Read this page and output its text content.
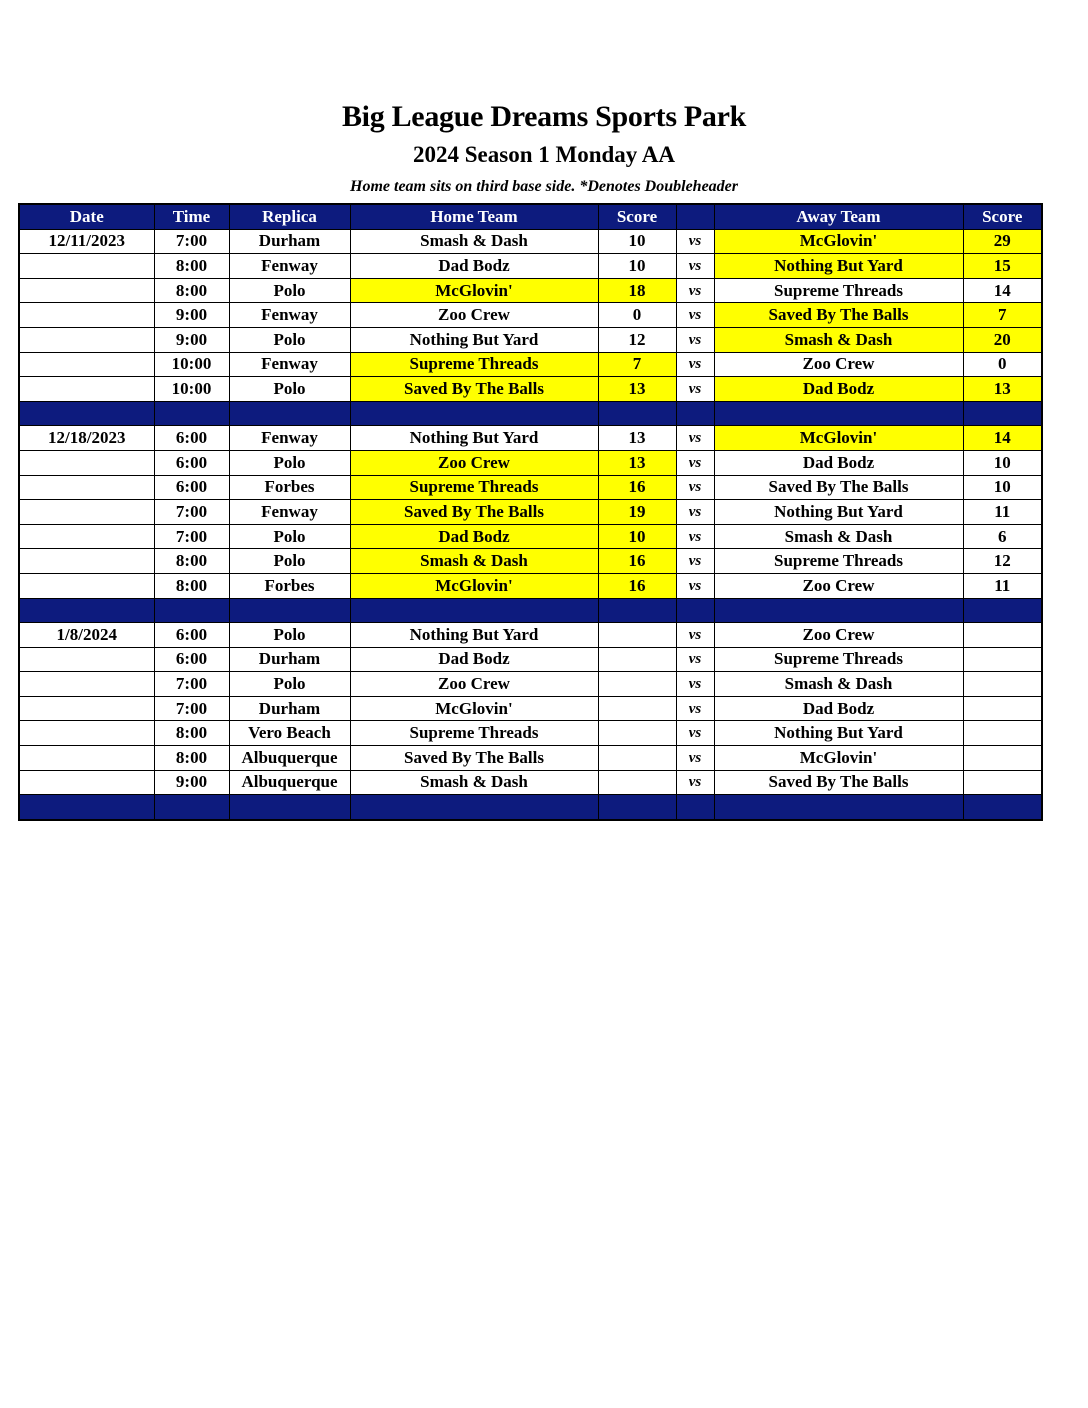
Big League Dreams Sports Park
2024 Season 1 Monday AA
Home team sits on third base side. *Denotes Doubleheader
Date	Time	Replica	Home Team	Score		Away Team	Score
12/11/2023	7:00	Durham	Smash & Dash	10	vs	McGlovin'	29
	8:00	Fenway	Dad Bodz	10	vs	Nothing But Yard	15
	8:00	Polo	McGlovin'	18	vs	Supreme Threads	14
	9:00	Fenway	Zoo Crew	0	vs	Saved By The Balls	7
	9:00	Polo	Nothing But Yard	12	vs	Smash & Dash	20
	10:00	Fenway	Supreme Threads	7	vs	Zoo Crew	0
	10:00	Polo	Saved By The Balls	13	vs	Dad Bodz	13

12/18/2023	6:00	Fenway	Nothing But Yard	13	vs	McGlovin'	14
	6:00	Polo	Zoo Crew	13	vs	Dad Bodz	10
	6:00	Forbes	Supreme Threads	16	vs	Saved By The Balls	10
	7:00	Fenway	Saved By The Balls	19	vs	Nothing But Yard	11
	7:00	Polo	Dad Bodz	10	vs	Smash & Dash	6
	8:00	Polo	Smash & Dash	16	vs	Supreme Threads	12
	8:00	Forbes	McGlovin'	16	vs	Zoo Crew	11

1/8/2024	6:00	Polo	Nothing But Yard		vs	Zoo Crew	
	6:00	Durham	Dad Bodz		vs	Supreme Threads	
	7:00	Polo	Zoo Crew		vs	Smash & Dash	
	7:00	Durham	McGlovin'		vs	Dad Bodz	
	8:00	Vero Beach	Supreme Threads		vs	Nothing But Yard	
	8:00	Albuquerque	Saved By The Balls		vs	McGlovin'	
	9:00	Albuquerque	Smash & Dash		vs	Saved By The Balls	
